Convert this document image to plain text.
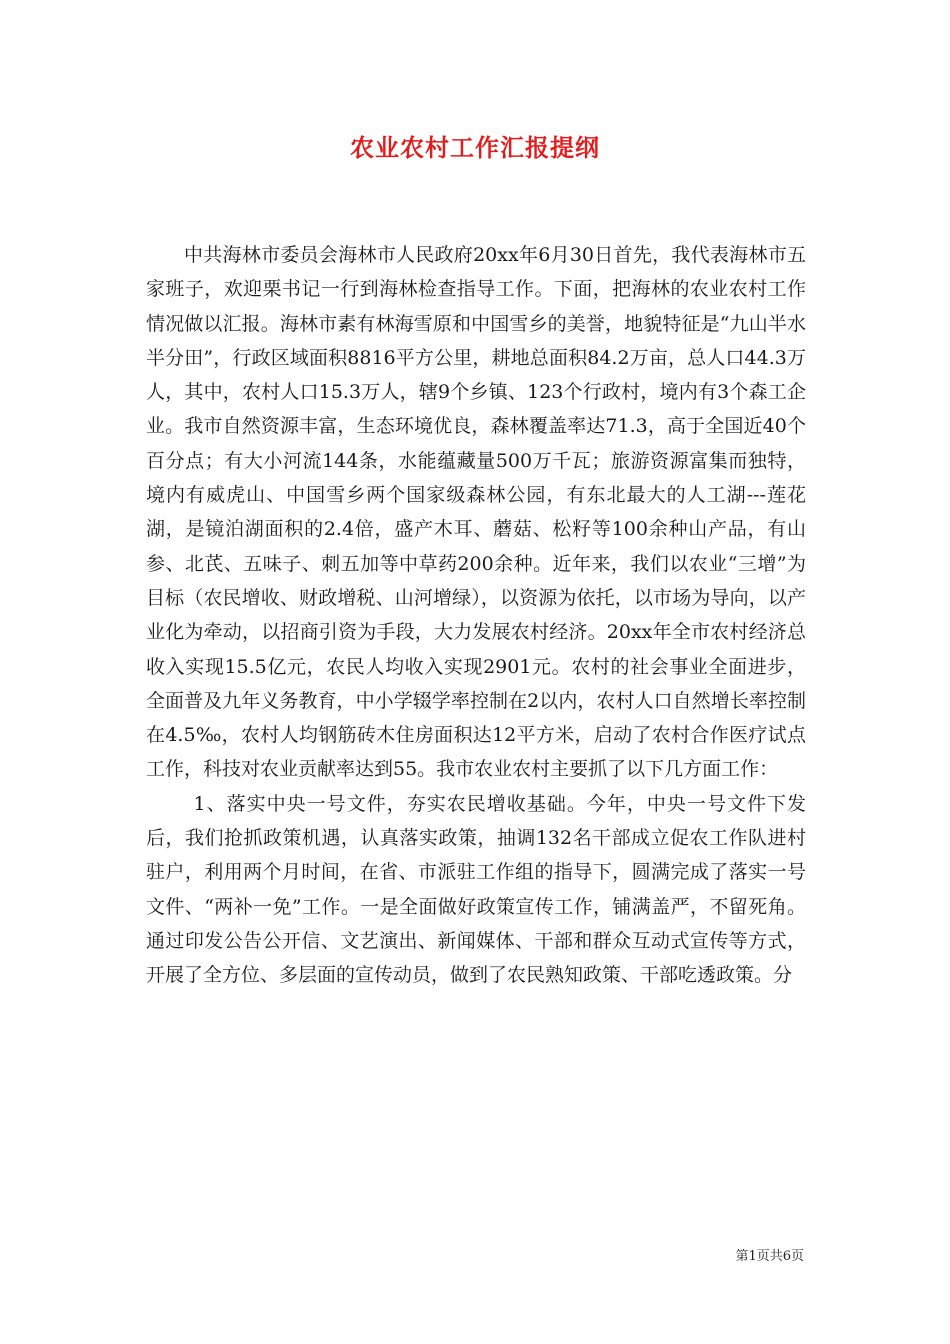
农业农村工作汇报提纲

中共海林市委员会海林市人民政府20xx年6月30日首先，我代表海林市五家班子，欢迎栗书记一行到海林检查指导工作。下面，把海林的农业农村工作情况做以汇报。海林市素有林海雪原和中国雪乡的美誉，地貌特征是“九山半水半分田”，行政区域面积8816平方公里，耕地总面积84.2万亩，总人口44.3万人，其中，农村人口15.3万人，辖9个乡镇、123个行政村，境内有3个森工企业。我市自然资源丰富，生态环境优良，森林覆盖率达71.3，高于全国近40个百分点；有大小河流144条，水能蕴藏量500万千瓦；旅游资源富集而独特，境内有威虎山、中国雪乡两个国家级森林公园，有东北最大的人工湖---莲花湖，是镜泊湖面积的2.4倍，盛产木耳、蘑菇、松籽等100余种山产品，有山参、北芪、五味子、刺五加等中草药200余种。近年来，我们以农业“三增”为目标（农民增收、财政增税、山河增绿），以资源为依托，以市场为导向，以产业化为牵动，以招商引资为手段，大力发展农村经济。20xx年全市农村经济总收入实现15.5亿元，农民人均收入实现2901元。农村的社会事业全面进步，全面普及九年义务教育，中小学辍学率控制在2以内，农村人口自然增长率控制在4.5‰，农村人均钢筋砖木住房面积达12平方米，启动了农村合作医疗试点工作，科技对农业贡献率达到55。我市农业农村主要抓了以下几方面工作：

1、落实中央一号文件，夯实农民增收基础。今年，中央一号文件下发后，我们抢抓政策机遇，认真落实政策，抽调132名干部成立促农工作队进村驻户，利用两个月时间，在省、市派驻工作组的指导下，圆满完成了落实一号文件、“两补一免”工作。一是全面做好政策宣传工作，铺满盖严，不留死角。通过印发公告公开信、文艺演出、新闻媒体、干部和群众互动式宣传等方式，开展了全方位、多层面的宣传动员，做到了农民熟知政策、干部吃透政策。分

第1页共6页
